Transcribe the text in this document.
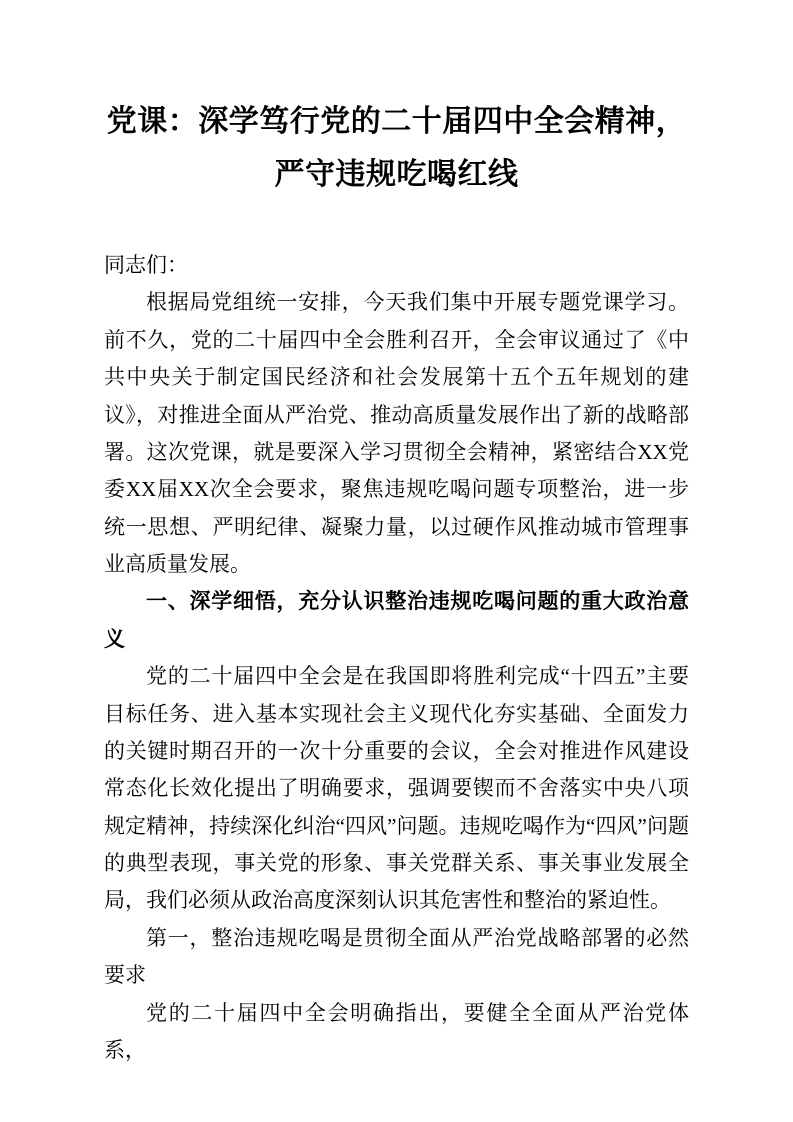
党课：深学笃行党的二十届四中全会精神，严守违规吃喝红线

同志们：

根据局党组统一安排，今天我们集中开展专题党课学习。前不久，党的二十届四中全会胜利召开，全会审议通过了《中共中央关于制定国民经济和社会发展第十五个五年规划的建议》，对推进全面从严治党、推动高质量发展作出了新的战略部署。这次党课，就是要深入学习贯彻全会精神，紧密结合XX党委XX届XX次全会要求，聚焦违规吃喝问题专项整治，进一步统一思想、严明纪律、凝聚力量，以过硬作风推动城市管理事业高质量发展。

一、深学细悟，充分认识整治违规吃喝问题的重大政治意义

党的二十届四中全会是在我国即将胜利完成“十四五”主要目标任务、进入基本实现社会主义现代化夯实基础、全面发力的关键时期召开的一次十分重要的会议，全会对推进作风建设常态化长效化提出了明确要求，强调要锲而不舍落实中央八项规定精神，持续深化纠治“四风”问题。违规吃喝作为“四风”问题的典型表现，事关党的形象、事关党群关系、事关事业发展全局，我们必须从政治高度深刻认识其危害性和整治的紧迫性。

第一，整治违规吃喝是贯彻全面从严治党战略部署的必然要求

党的二十届四中全会明确指出，要健全全面从严治党体系，
